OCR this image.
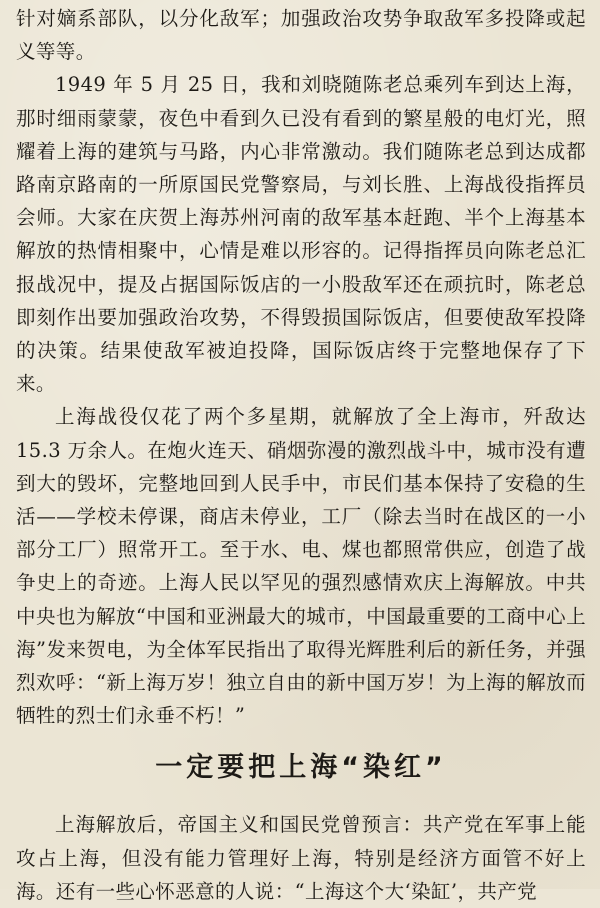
针对嫡系部队，以分化敌军；加强政治攻势争取敌军多投降或起义等等。

1949 年 5 月 25 日，我和刘晓随陈老总乘列车到达上海，那时细雨蒙蒙，夜色中看到久已没有看到的繁星般的电灯光，照耀着上海的建筑与马路，内心非常激动。我们随陈老总到达成都路南京路南的一所原国民党警察局，与刘长胜、上海战役指挥员会师。大家在庆贺上海苏州河南的敌军基本赶跑、半个上海基本解放的热情相聚中，心情是难以形容的。记得指挥员向陈老总汇报战况中，提及占据国际饭店的一小股敌军还在顽抗时，陈老总即刻作出要加强政治攻势，不得毁损国际饭店，但要使敌军投降的决策。结果使敌军被迫投降，国际饭店终于完整地保存了下来。

上海战役仅花了两个多星期，就解放了全上海市，歼敌达 15.3 万余人。在炮火连天、硝烟弥漫的激烈战斗中，城市没有遭到大的毁坏，完整地回到人民手中，市民们基本保持了安稳的生活——学校未停课，商店未停业，工厂（除去当时在战区的一小部分工厂）照常开工。至于水、电、煤也都照常供应，创造了战争史上的奇迹。上海人民以罕见的强烈感情欢庆上海解放。中共中央也为解放“中国和亚洲最大的城市，中国最重要的工商中心上海”发来贺电，为全体军民指出了取得光辉胜利后的新任务，并强烈欢呼：“新上海万岁！独立自由的新中国万岁！为上海的解放而牺牲的烈士们永垂不朽！”

一定要把上海“染红”

上海解放后，帝国主义和国民党曾预言：共产党在军事上能攻占上海，但没有能力管理好上海，特别是经济方面管不好上海。还有一些心怀恶意的人说：“上海这个大‘染缸’，共产党
